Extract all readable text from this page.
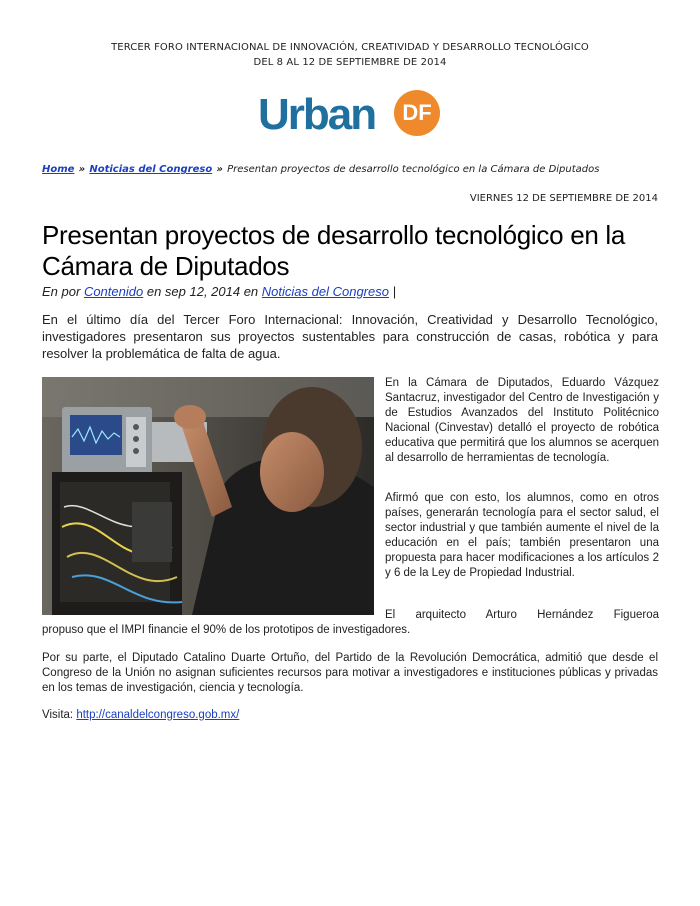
TERCER FORO INTERNACIONAL DE INNOVACIÓN, CREATIVIDAD Y DESARROLLO TECNOLÓGICO
DEL 8 AL 12 DE SEPTIEMBRE DE 2014
Urban	DF
Home » Noticias del Congreso » Presentan proyectos de desarrollo tecnológico en la Cámara de Diputados
VIERNES 12 DE SEPTIEMBRE DE 2014
Presentan proyectos de desarrollo tecnológico en la Cámara de Diputados
En por Contenido en sep 12, 2014 en Noticias del Congreso |

En el último día del Tercer Foro Internacional: Innovación, Creatividad y Desarrollo Tecnológico, investigadores presentaron sus proyectos sustentables para construcción de casas, robótica y para resolver la problemática de falta de agua.

En la Cámara de Diputados, Eduardo Vázquez Santacruz, investigador del Centro de Investigación y de Estudios Avanzados del Instituto Politécnico Nacional (Cinvestav) detalló el proyecto de robótica educativa que permitirá que los alumnos se acerquen al desarrollo de herramientas de tecnología.

Afirmó que con esto, los alumnos, como en otros países, generarán tecnología para el sector salud, el sector industrial y que también aumente el nivel de la educación en el país; también presentaron una propuesta para hacer modificaciones a los artículos 2 y 6 de la Ley de Propiedad Industrial.

El arquitecto Arturo Hernández Figueroa

propuso que el IMPI financie el 90% de los prototipos de investigadores.

Por su parte, el Diputado Catalino Duarte Ortuño, del Partido de la Revolución Democrática, admitió que desde el Congreso de la Unión no asignan suficientes recursos para motivar a investigadores e instituciones públicas y privadas en los temas de investigación, ciencia y tecnología.

Visita: http://canaldelcongreso.gob.mx/
